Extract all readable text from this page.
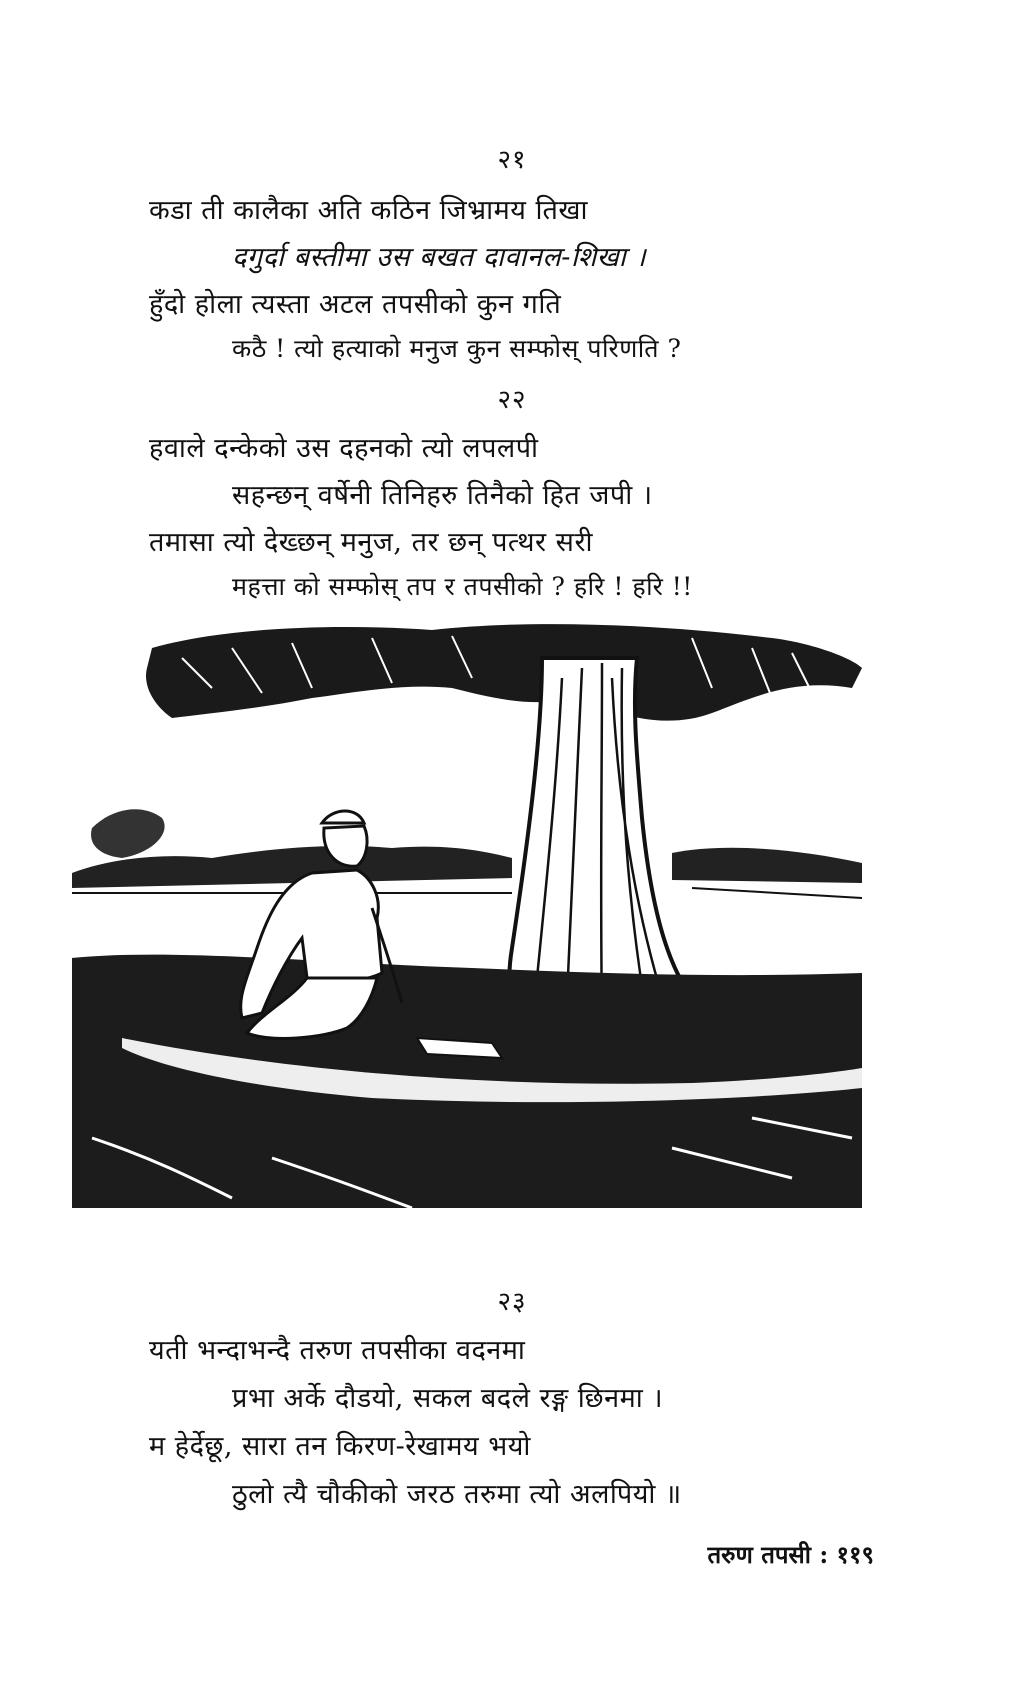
२१
कडा ती कालैका अति कठिन जिभ्रामय तिखा
दगुर्दा बस्तीमा उस बखत दावानल-शिखा ।
हुँदो होला त्यस्ता अटल तपसीको कुन गति
कठै ! त्यो हत्याको मनुज कुन सम्फोस् परिणति ?
२२
हवाले दन्केको उस दहनको त्यो लपलपी
सहन्छन् वर्षेनी तिनिहरु तिनैको हित जपी ।
तमासा त्यो देख्छन् मनुज, तर छन् पत्थर सरी
महत्ता को सम्फोस् तप र तपसीको ? हरि ! हरि !!
२३
यती भन्दाभन्दै तरुण तपसीका वदनमा
प्रभा अर्के दौडयो, सकल बदले रङ्ग छिनमा ।
म हेर्देछू, सारा तन किरण-रेखामय भयो
ठुलो त्यै चौकीको जरठ तरुमा त्यो अलपियो ॥
तरुण तपसी : ११९
